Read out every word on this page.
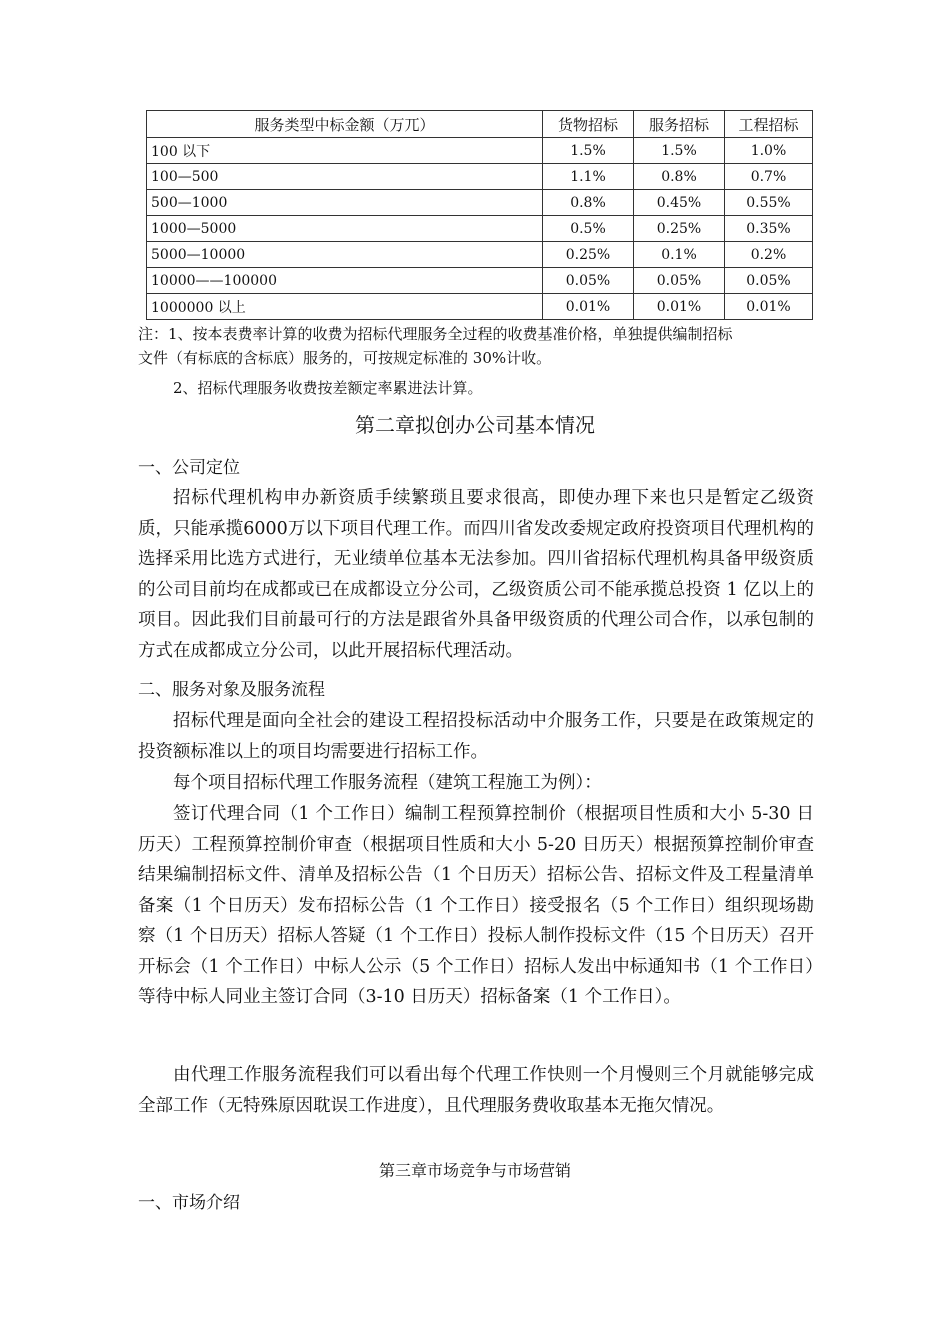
服务类型中标金额（万兀）	货物招标	服务招标	工程招标
100 以下	1.5%	1.5%	1.0%
100—500	1.1%	0.8%	0.7%
500—1000	0.8%	0.45%	0.55%
1000—5000	0.5%	0.25%	0.35%
5000—10000	0.25%	0.1%	0.2%
10000——100000	0.05%	0.05%	0.05%
1000000 以上	0.01%	0.01%	0.01%
注：1、按本表费率计算的收费为招标代理服务全过程的收费基准价格，单独提供编制招标
文件（有标底的含标底）服务的，可按规定标准的 30%计收。
2、招标代理服务收费按差额定率累进法计算。
第二章拟创办公司基本情况
一、公司定位
招标代理机构申办新资质手续繁琐且要求很高，即使办理下来也只是暂定乙级资质，只能承揽6000万以下项目代理工作。而四川省发改委规定政府投资项目代理机构的选择采用比选方式进行，无业绩单位基本无法参加。四川省招标代理机构具备甲级资质的公司目前均在成都或已在成都设立分公司，乙级资质公司不能承揽总投资 1 亿以上的项目。因此我们目前最可行的方法是跟省外具备甲级资质的代理公司合作，以承包制的方式在成都成立分公司，以此开展招标代理活动。
二、服务对象及服务流程
招标代理是面向全社会的建设工程招投标活动中介服务工作，只要是在政策规定的投资额标准以上的项目均需要进行招标工作。
每个项目招标代理工作服务流程（建筑工程施工为例）：
签订代理合同（1 个工作日）编制工程预算控制价（根据项目性质和大小 5-30 日历天）工程预算控制价审查（根据项目性质和大小 5-20 日历天）根据预算控制价审查结果编制招标文件、清单及招标公告（1 个日历天）招标公告、招标文件及工程量清单备案（1 个日历天）发布招标公告（1 个工作日）接受报名（5 个工作日）组织现场勘察（1 个日历天）招标人答疑（1 个工作日）投标人制作投标文件（15 个日历天）召开开标会（1 个工作日）中标人公示（5 个工作日）招标人发出中标通知书（1 个工作日）等待中标人同业主签订合同（3-10 日历天）招标备案（1 个工作日）。
由代理工作服务流程我们可以看出每个代理工作快则一个月慢则三个月就能够完成全部工作（无特殊原因耽误工作进度），且代理服务费收取基本无拖欠情况。
第三章市场竞争与市场营销
一、市场介绍
